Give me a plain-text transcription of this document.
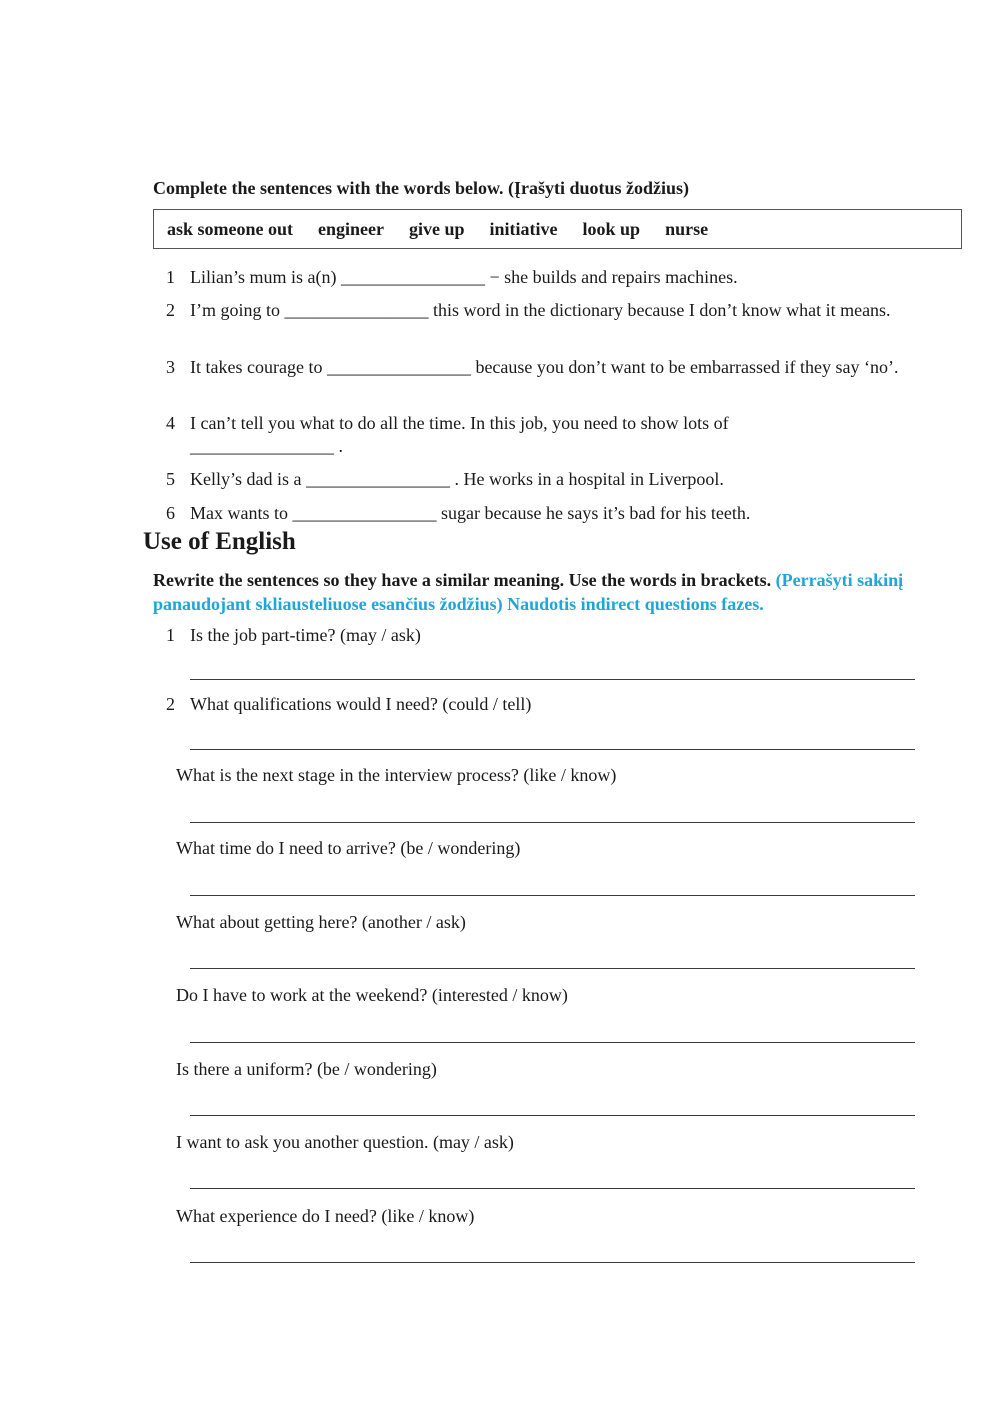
Complete the sentences with the words below. (Įrašyti duotus žodžius)
ask someone out engineer give up initiative look up nurse
1 Lilian’s mum is a(n) ________________ − she builds and repairs machines.
2 I’m going to ________________ this word in the dictionary because I don’t know what it means.
3 It takes courage to ________________ because you don’t want to be embarrassed if they say ‘no’.
4 I can’t tell you what to do all the time. In this job, you need to show lots of ________________ .
5 Kelly’s dad is a ________________ . He works in a hospital in Liverpool.
6 Max wants to ________________ sugar because he says it’s bad for his teeth.
Use of English
Rewrite the sentences so they have a similar meaning. Use the words in brackets. (Perrašyti sakinį panaudojant skliausteliuose esančius žodžius) Naudotis indirect questions fazes.
1 Is the job part-time? (may / ask)
2 What qualifications would I need? (could / tell)
What is the next stage in the interview process? (like / know)
What time do I need to arrive? (be / wondering)
What about getting here? (another / ask)
Do I have to work at the weekend? (interested / know)
Is there a uniform? (be / wondering)
I want to ask you another question. (may / ask)
What experience do I need? (like / know)
